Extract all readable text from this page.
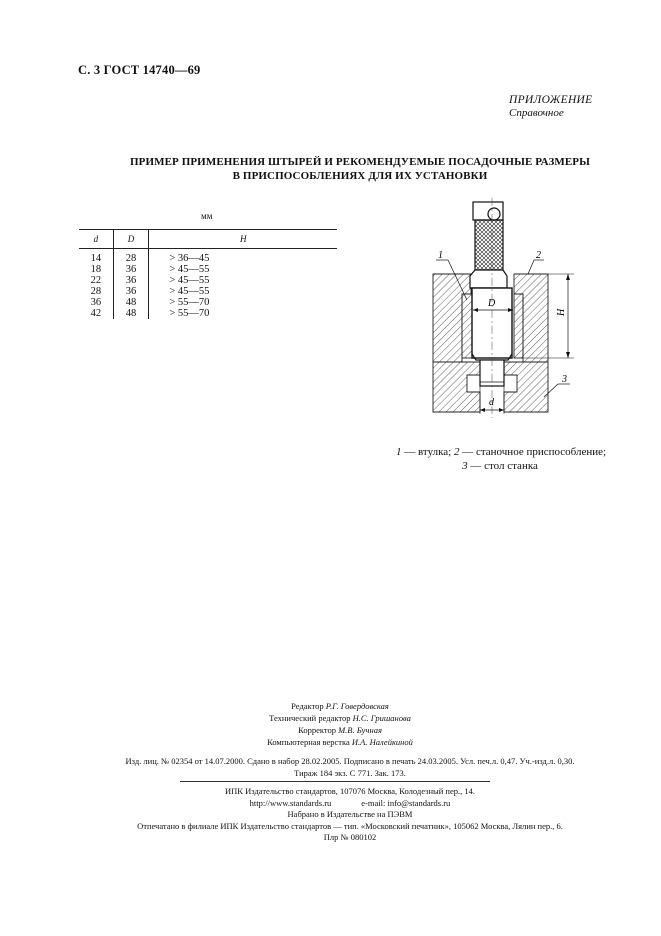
С. 3 ГОСТ 14740—69
ПРИЛОЖЕНИЕ
Справочное
ПРИМЕР ПРИМЕНЕНИЯ ШТЫРЕЙ И РЕКОМЕНДУЕМЫЕ ПОСАДОЧНЫЕ РАЗМЕРЫ
В ПРИСПОСОБЛЕНИЯХ ДЛЯ ИХ УСТАНОВКИ
мм
d	D	H
14	28	> 36—45
18	36	> 45—55
22	36	> 45—55
28	36	> 45—55
36	48	> 55—70
42	48	> 55—70
D
H
d
1	2
3
1 — втулка; 2 — станочное приспособление;
3 — стол станка
Редактор Р.Г. Говердовская
Технический редактор Н.С. Гришанова
Корректор М.В. Бучная
Компьютерная верстка И.А. Налейкиной
Изд. лиц. № 02354 от 14.07.2000. Сдано в набор 28.02.2005. Подписано в печать 24.03.2005. Усл. печ.л. 0,47. Уч.-изд.л. 0,30.
Тираж 184 экз. С 771. Зак. 173.
ИПК Издательство стандартов, 107076 Москва, Колодезный пер., 14.
http://www.standards.ru	e-mail: info@standards.ru
Набрано в Издательстве на ПЭВМ
Отпечатано в филиале ИПК Издательство стандартов — тип. «Московский печатник», 105062 Москва, Лялин пер., 6.
Плр № 080102
